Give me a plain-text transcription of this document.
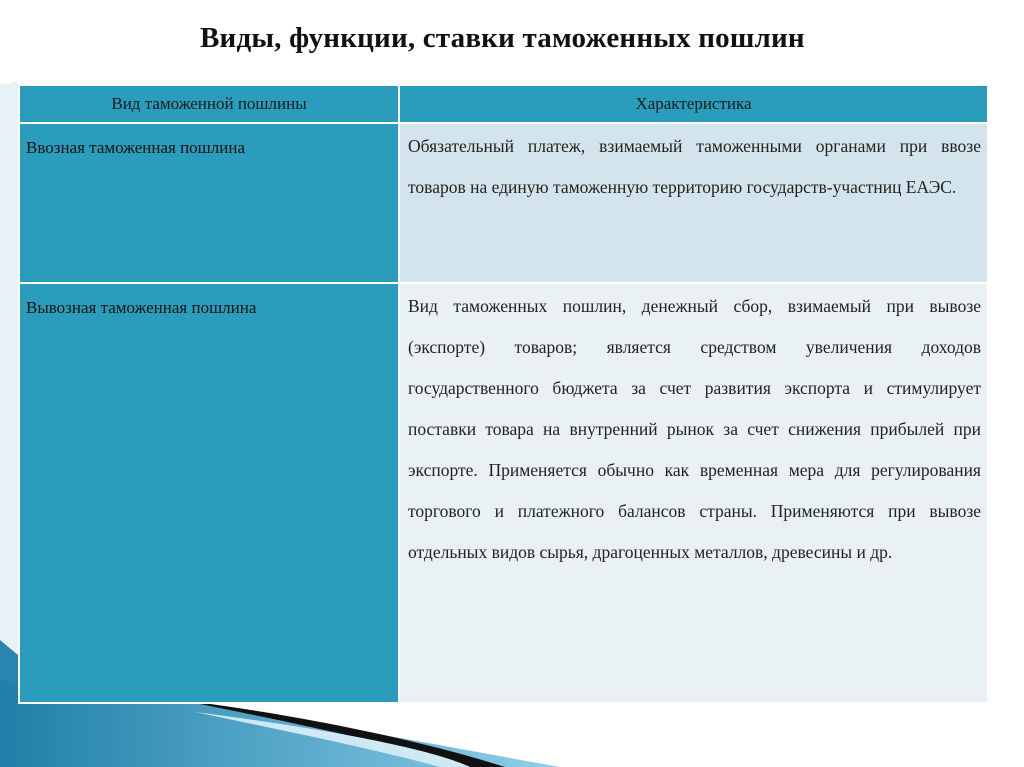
Виды, функции, ставки таможенных пошлин
Вид таможенной пошлины	Характеристика
Ввозная таможенная пошлина	Обязательный платеж, взимаемый таможенными органами при ввозе товаров на единую таможенную территорию государств-участниц ЕАЭС.
Вывозная таможенная пошлина	Вид таможенных пошлин, денежный сбор, взимаемый при вывозе (экспорте) товаров; является средством увеличения доходов государственного бюджета за счет развития экспорта и стимулирует поставки товара на внутренний рынок за счет снижения прибылей при экспорте. Применяется обычно как временная мера для регулирования торгового и платежного балансов страны. Применяются при вывозе отдельных видов сырья, драгоценных металлов, древесины и др.
